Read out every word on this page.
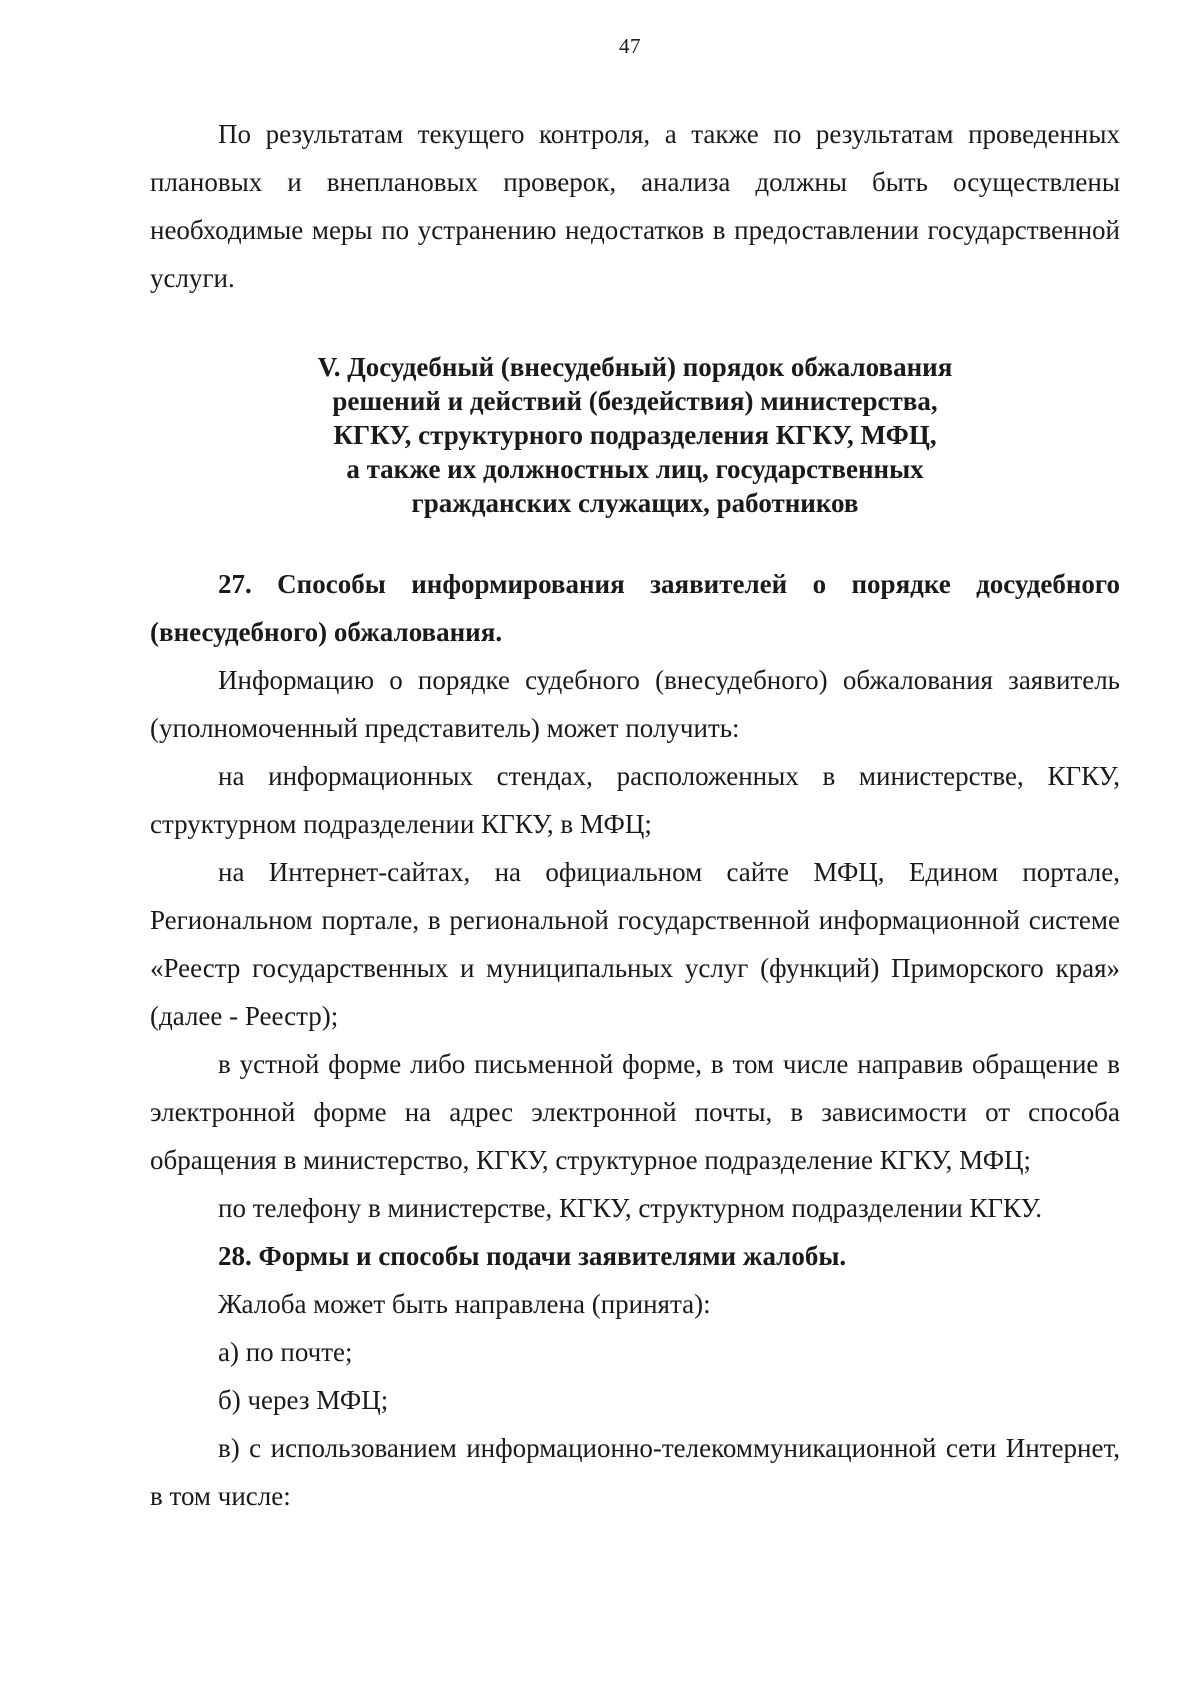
47

По результатам текущего контроля, а также по результатам проведенных плановых и внеплановых проверок, анализа должны быть осуществлены необходимые меры по устранению недостатков в предоставлении государственной услуги.

V. Досудебный (внесудебный) порядок обжалования
решений и действий (бездействия) министерства,
КГКУ, структурного подразделения КГКУ, МФЦ,
а также их должностных лиц, государственных
гражданских служащих, работников

27. Способы информирования заявителей о порядке досудебного (внесудебного) обжалования.

Информацию о порядке судебного (внесудебного) обжалования заявитель (уполномоченный представитель) может получить:

на информационных стендах, расположенных в министерстве, КГКУ, структурном подразделении КГКУ, в МФЦ;

на Интернет-сайтах, на официальном сайте МФЦ, Едином портале, Региональном портале, в региональной государственной информационной системе «Реестр государственных и муниципальных услуг (функций) Приморского края» (далее - Реестр);

в устной форме либо письменной форме, в том числе направив обращение в электронной форме на адрес электронной почты, в зависимости от способа обращения в министерство, КГКУ, структурное подразделение КГКУ, МФЦ;

по телефону в министерстве, КГКУ, структурном подразделении КГКУ.

28. Формы и способы подачи заявителями жалобы.

Жалоба может быть направлена (принята):

а) по почте;

б) через МФЦ;

в) с использованием информационно-телекоммуникационной сети Интернет, в том числе:
